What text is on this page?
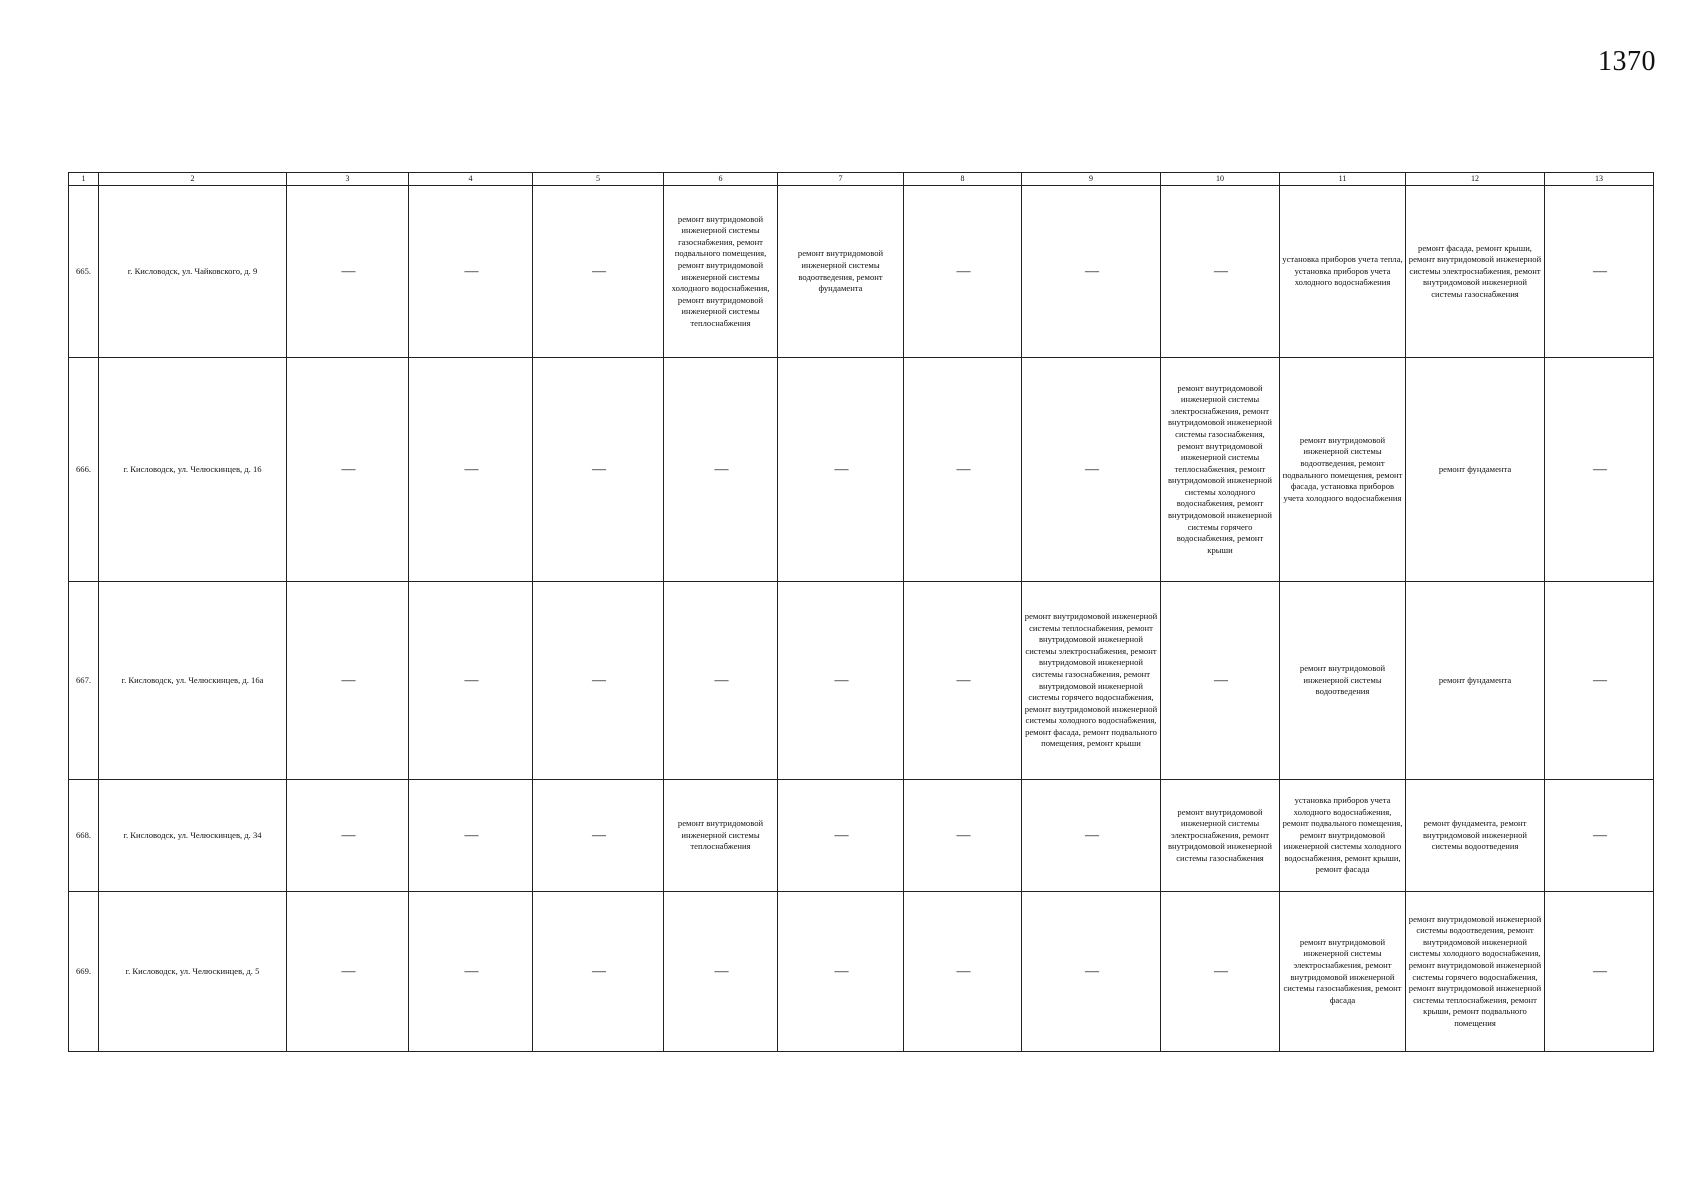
1370
1	2	3	4	5	6	7	8	9	10	11	12	13
665.	г. Кисловодск, ул. Чайковского, д. 9	—	—	—	ремонт внутридомовой инженерной системы газоснабжения, ремонт подвального помещения, ремонт внутридомовой инженерной системы холодного водоснабжения, ремонт внутридомовой инженерной системы теплоснабжения	ремонт внутридомовой инженерной системы водоотведения, ремонт фундамента	—	—	—	установка приборов учета тепла, установка приборов учета холодного водоснабжения	ремонт фасада, ремонт крыши, ремонт внутридомовой инженерной системы электроснабжения, ремонт внутридомовой инженерной системы газоснабжения	—
666.	г. Кисловодск, ул. Челюскинцев, д. 16	—	—	—	—	—	—	—	ремонт внутридомовой инженерной системы электроснабжения, ремонт внутридомовой инженерной системы газоснабжения, ремонт внутридомовой инженерной системы теплоснабжения, ремонт внутридомовой инженерной системы холодного водоснабжения, ремонт внутридомовой инженерной системы горячего водоснабжения, ремонт крыши	ремонт внутридомовой инженерной системы водоотведения, ремонт подвального помещения, ремонт фасада, установка приборов учета холодного водоснабжения	ремонт фундамента	—
667.	г. Кисловодск, ул. Челюскинцев, д. 16а	—	—	—	—	—	—	ремонт внутридомовой инженерной системы теплоснабжения, ремонт внутридомовой инженерной системы электроснабжения, ремонт внутридомовой инженерной системы газоснабжения, ремонт внутридомовой инженерной системы горячего водоснабжения, ремонт внутридомовой инженерной системы холодного водоснабжения, ремонт фасада, ремонт подвального помещения, ремонт крыши	—	ремонт внутридомовой инженерной системы водоотведения	ремонт фундамента	—
668.	г. Кисловодск, ул. Челюскинцев, д. 34	—	—	—	ремонт внутридомовой инженерной системы теплоснабжения	—	—	—	ремонт внутридомовой инженерной системы электроснабжения, ремонт внутридомовой инженерной системы газоснабжения	установка приборов учета холодного водоснабжения, ремонт подвального помещения, ремонт внутридомовой инженерной системы холодного водоснабжения, ремонт крыши, ремонт фасада	ремонт фундамента, ремонт внутридомовой инженерной системы водоотведения	—
669.	г. Кисловодск, ул. Челюскинцев, д. 5	—	—	—	—	—	—	—	—	ремонт внутридомовой инженерной системы электроснабжения, ремонт внутридомовой инженерной системы газоснабжения, ремонт фасада	ремонт внутридомовой инженерной системы водоотведения, ремонт внутридомовой инженерной системы холодного водоснабжения, ремонт внутридомовой инженерной системы горячего водоснабжения, ремонт внутридомовой инженерной системы теплоснабжения, ремонт крыши, ремонт подвального помещения	—
